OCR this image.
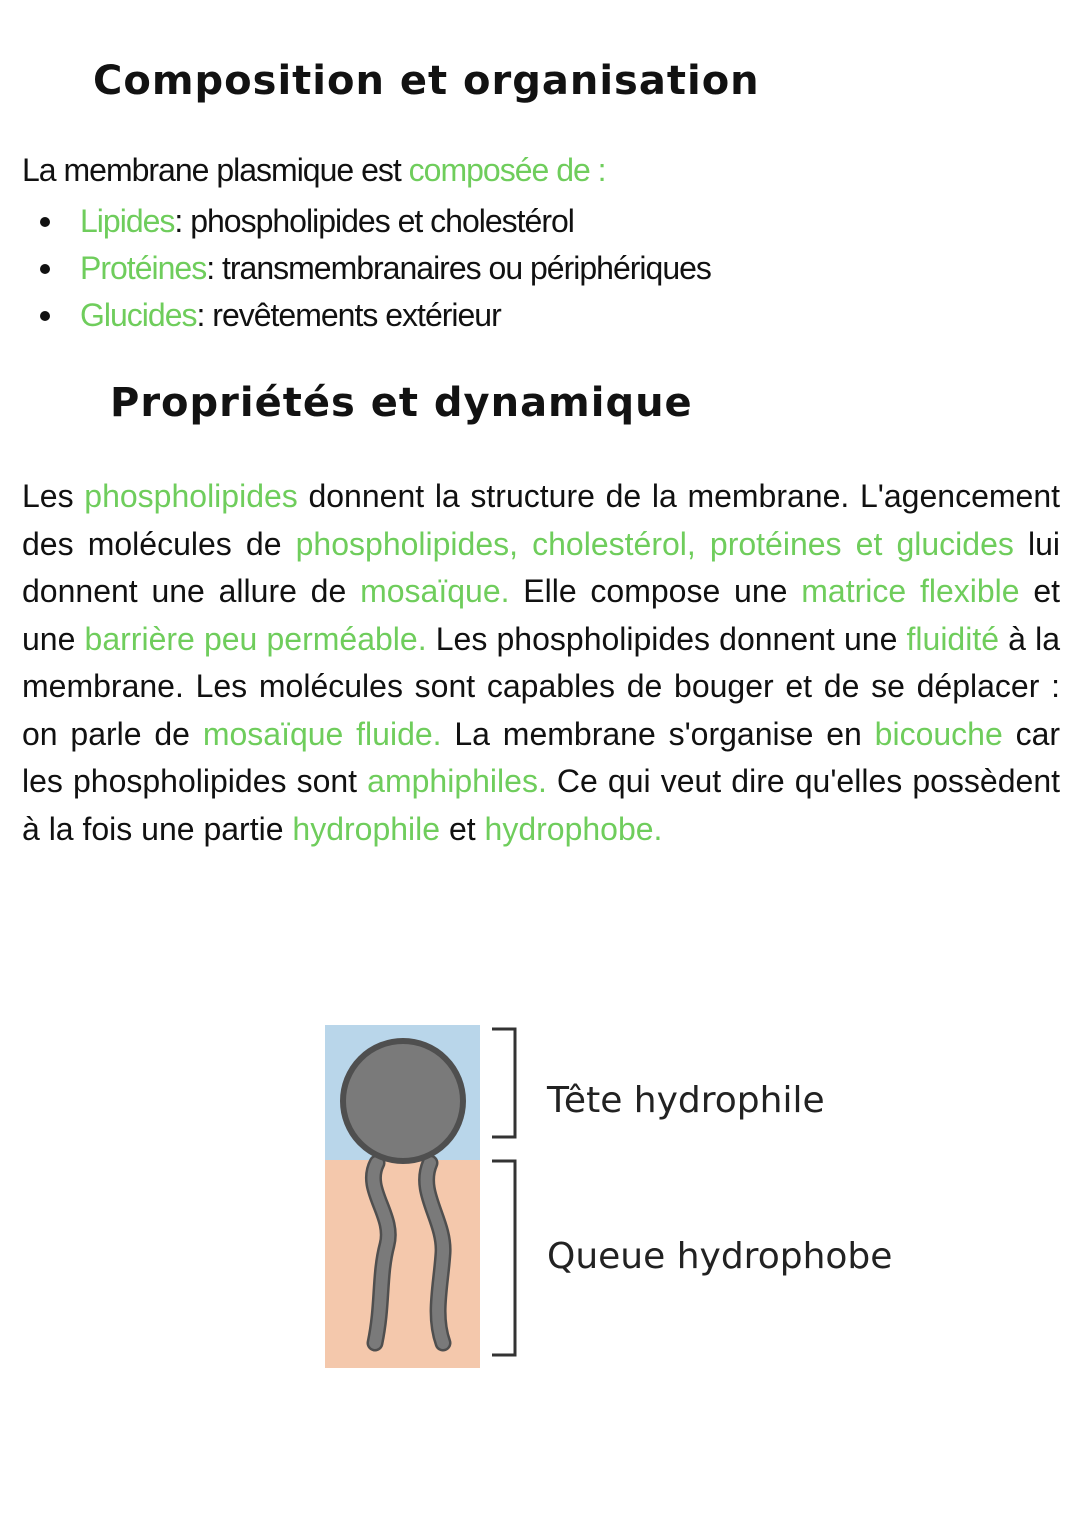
Composition et organisation

La membrane plasmique est composée de :

Lipides : phospholipides et cholestérol
Protéines : transmembranaires ou périphériques
Glucides : revêtements extérieur
Propriétés et dynamique

Les phospholipides donnent la structure de la membrane. L'agencement des molécules de phospholipides, cholestérol, protéines et glucides lui donnent une allure de mosaïque. Elle compose une matrice flexible et une barrière peu perméable. Les phospholipides donnent une fluidité à la membrane. Les molécules sont capables de bouger et de se déplacer : on parle de mosaïque fluide. La membrane s'organise en bicouche car les phospholipides sont amphiphiles. Ce qui veut dire qu'elles possèdent à la fois une partie hydrophile et hydrophobe.

Tête hydrophile
Queue hydrophobe
